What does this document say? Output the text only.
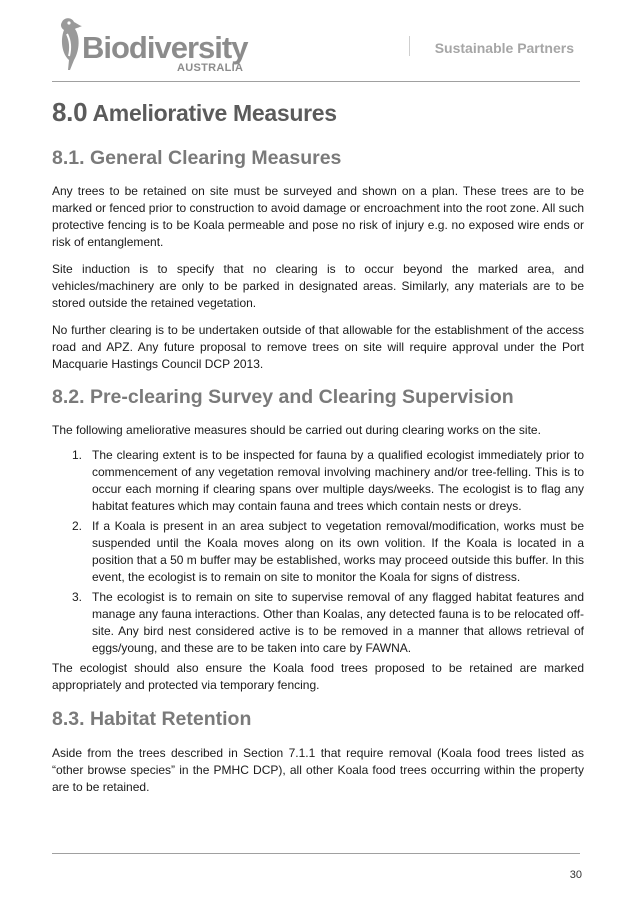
Biodiversity
AUSTRALIA
Sustainable Partners
8.0 Ameliorative Measures
8.1. General Clearing Measures

Any trees to be retained on site must be surveyed and shown on a plan. These trees are to be marked or fenced prior to construction to avoid damage or encroachment into the root zone. All such protective fencing is to be Koala permeable and pose no risk of injury e.g. no exposed wire ends or risk of entanglement.

Site induction is to specify that no clearing is to occur beyond the marked area, and vehicles/machinery are only to be parked in designated areas. Similarly, any materials are to be stored outside the retained vegetation.

No further clearing is to be undertaken outside of that allowable for the establishment of the access road and APZ. Any future proposal to remove trees on site will require approval under the Port Macquarie Hastings Council DCP 2013.

8.2. Pre-clearing Survey and Clearing Supervision

The following ameliorative measures should be carried out during clearing works on the site.

1. The clearing extent is to be inspected for fauna by a qualified ecologist immediately prior to commencement of any vegetation removal involving machinery and/or tree-felling. This is to occur each morning if clearing spans over multiple days/weeks. The ecologist is to flag any habitat features which may contain fauna and trees which contain nests or dreys.
2. If a Koala is present in an area subject to vegetation removal/modification, works must be suspended until the Koala moves along on its own volition. If the Koala is located in a position that a 50 m buffer may be established, works may proceed outside this buffer. In this event, the ecologist is to remain on site to monitor the Koala for signs of distress.
3. The ecologist is to remain on site to supervise removal of any flagged habitat features and manage any fauna interactions. Other than Koalas, any detected fauna is to be relocated off-site. Any bird nest considered active is to be removed in a manner that allows retrieval of eggs/young, and these are to be taken into care by FAWNA.

The ecologist should also ensure the Koala food trees proposed to be retained are marked appropriately and protected via temporary fencing.

8.3. Habitat Retention

Aside from the trees described in Section 7.1.1 that require removal (Koala food trees listed as “other browse species” in the PMHC DCP), all other Koala food trees occurring within the property are to be retained.

30
